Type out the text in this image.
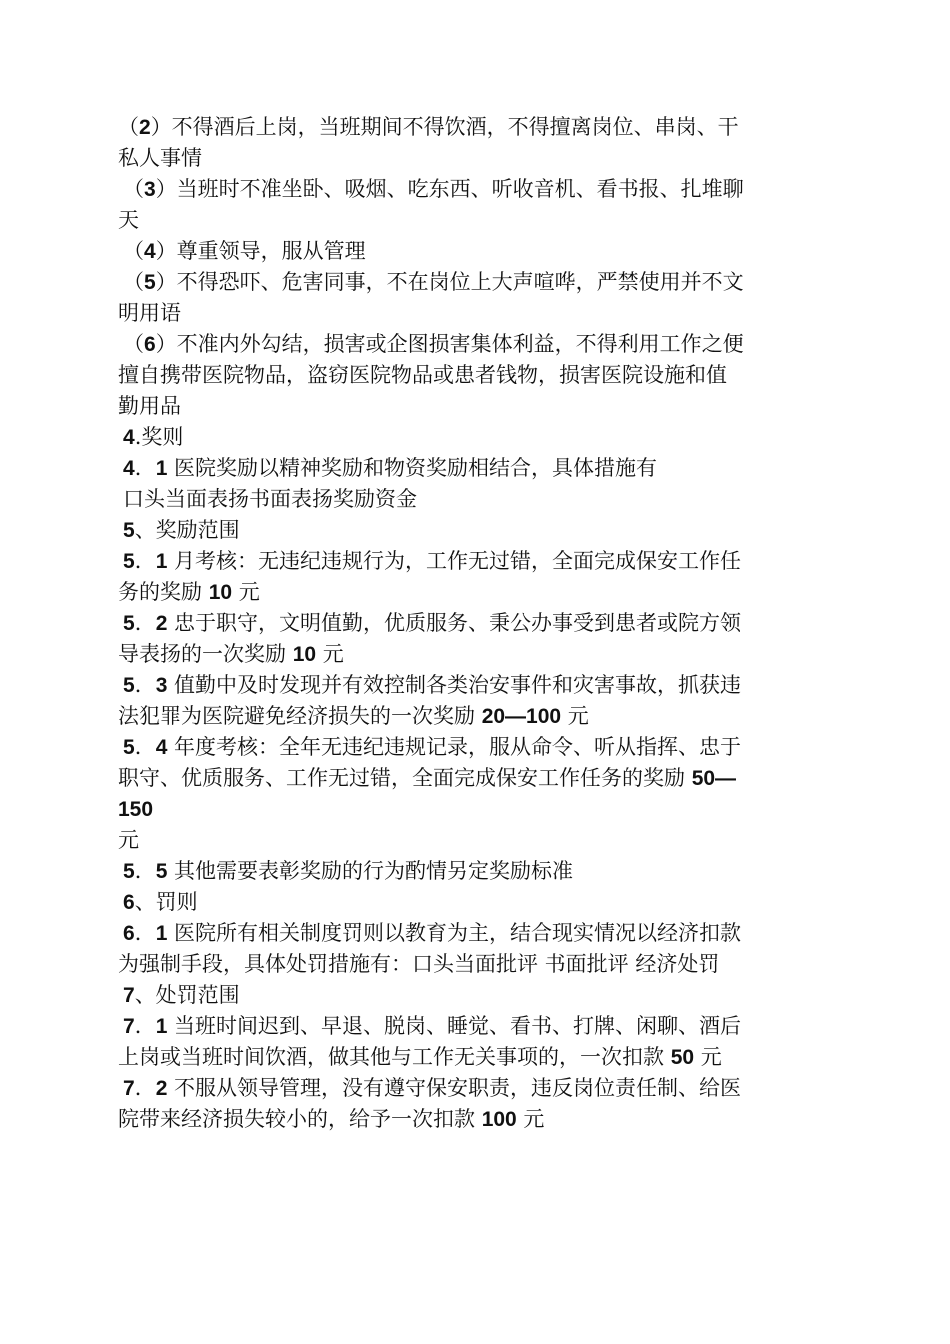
（2）不得酒后上岗，当班期间不得饮酒，不得擅离岗位、串岗、干
私人事情
（3）当班时不准坐卧、吸烟、吃东西、听收音机、看书报、扎堆聊
天
（4）尊重领导，服从管理
（5）不得恐吓、危害同事，不在岗位上大声喧哗，严禁使用并不文
明用语
（6）不准内外勾结，损害或企图损害集体利益，不得利用工作之便
擅自携带医院物品，盗窃医院物品或患者钱物，损害医院设施和值
勤用品
4.奖则
4．1 医院奖励以精神奖励和物资奖励相结合，具体措施有
口头当面表扬书面表扬奖励资金
5、奖励范围
5．1 月考核：无违纪违规行为，工作无过错，全面完成保安工作任
务的奖励 10 元
5．2 忠于职守，文明值勤，优质服务、秉公办事受到患者或院方领
导表扬的一次奖励 10 元
5．3 值勤中及时发现并有效控制各类治安事件和灾害事故，抓获违
法犯罪为医院避免经济损失的一次奖励 20—100 元
5．4 年度考核：全年无违纪违规记录，服从命令、听从指挥、忠于
职守、优质服务、工作无过错，全面完成保安工作任务的奖励 50—
150
元
5．5 其他需要表彰奖励的行为酌情另定奖励标准
6、罚则
6．1 医院所有相关制度罚则以教育为主，结合现实情况以经济扣款
为强制手段，具体处罚措施有：口头当面批评 书面批评 经济处罚
7、处罚范围
7．1 当班时间迟到、早退、脱岗、睡觉、看书、打牌、闲聊、酒后
上岗或当班时间饮酒，做其他与工作无关事项的，一次扣款 50 元
7．2 不服从领导管理，没有遵守保安职责，违反岗位责任制、给医
院带来经济损失较小的，给予一次扣款 100 元
